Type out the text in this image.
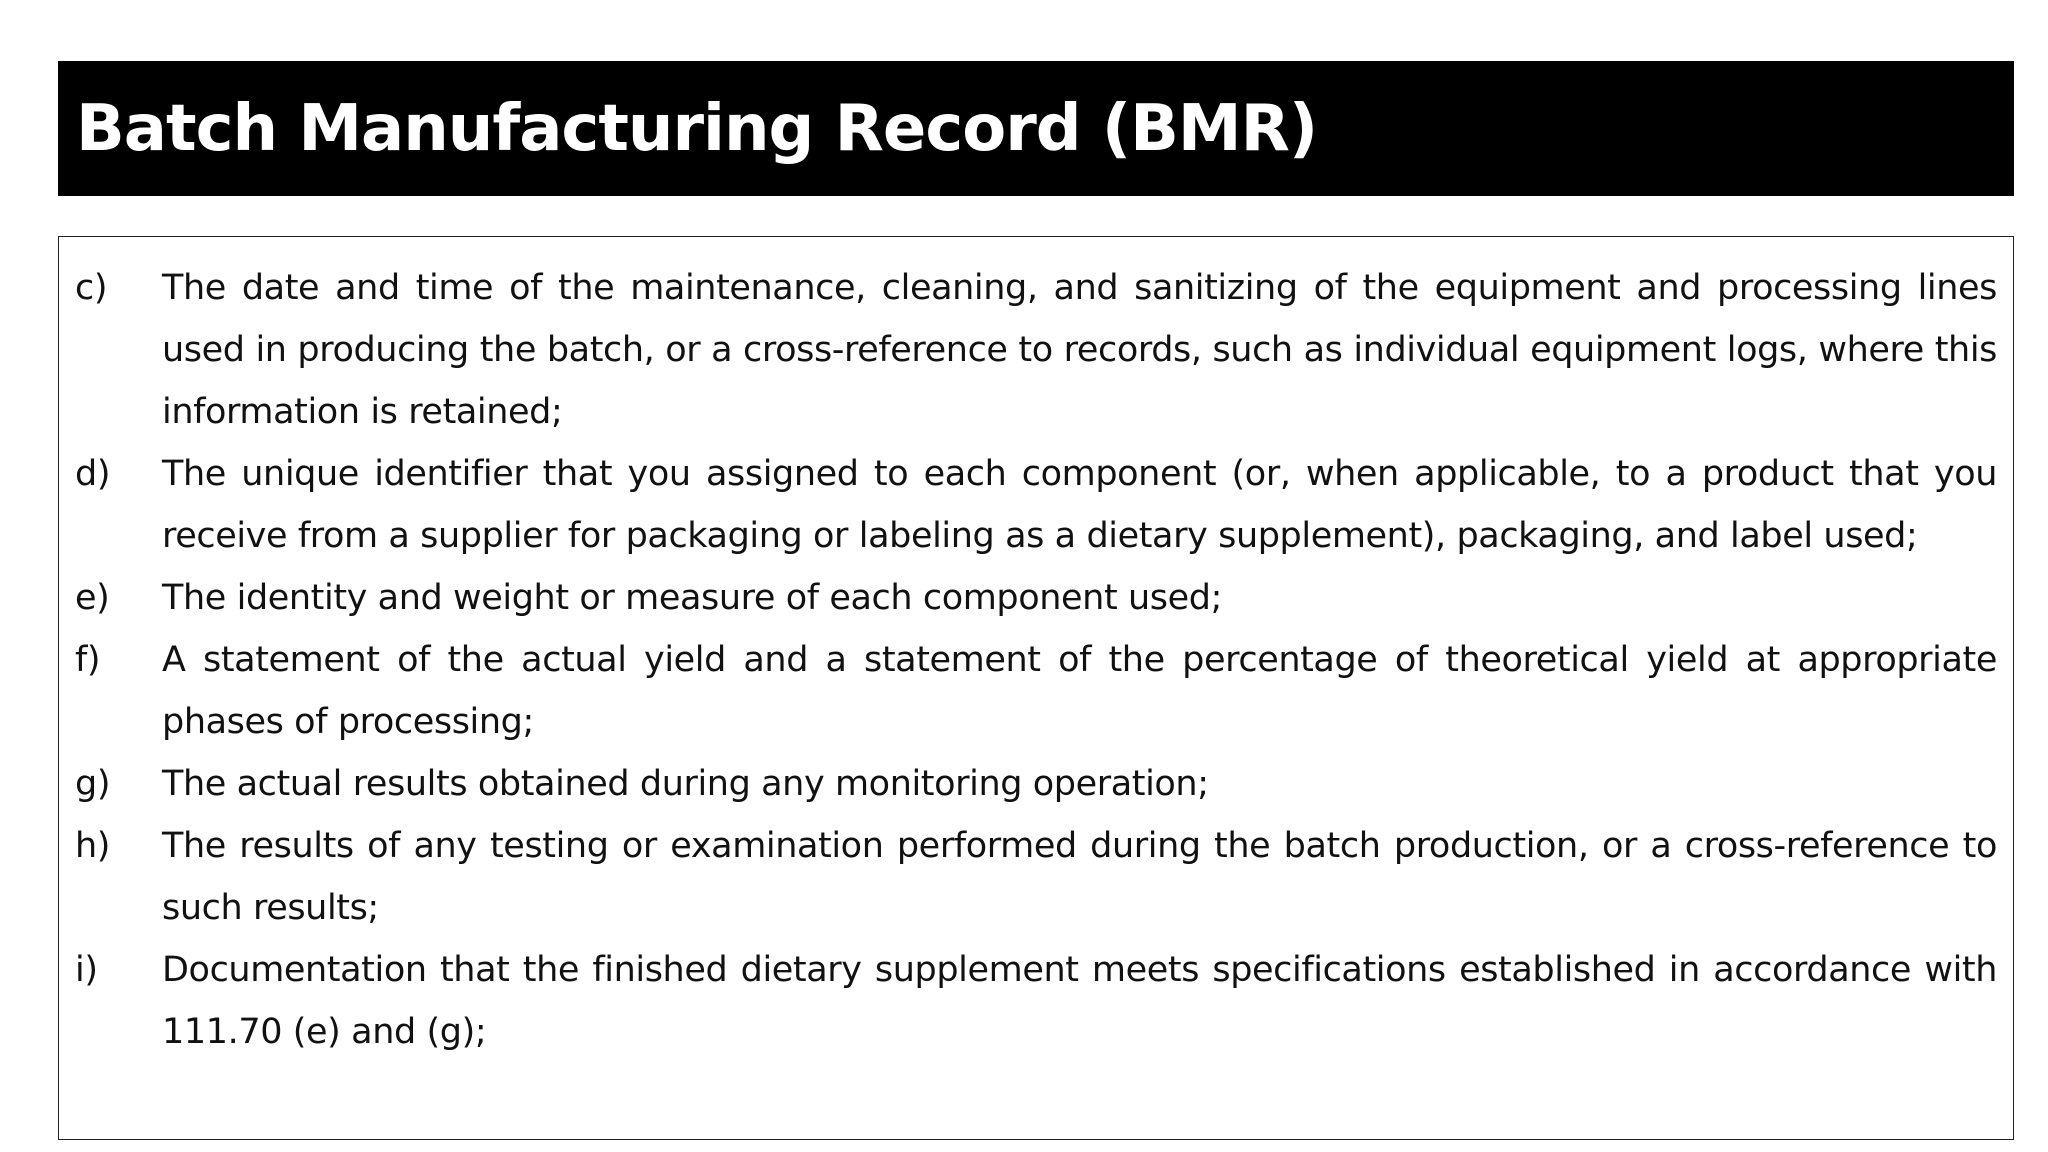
Batch Manufacturing Record (BMR)
c)	The date and time of the maintenance, cleaning, and sanitizing of the equipment and processing lines used in producing the batch, or a cross-reference to records, such as individual equipment logs, where this information is retained;
d)	The unique identifier that you assigned to each component (or, when applicable, to a product that you receive from a supplier for packaging or labeling as a dietary supplement), packaging, and label used;
e)	The identity and weight or measure of each component used;
f)	A statement of the actual yield and a statement of the percentage of theoretical yield at appropriate phases of processing;
g)	The actual results obtained during any monitoring operation;
h)	The results of any testing or examination performed during the batch production, or a cross-reference to such results;
i)	Documentation that the finished dietary supplement meets specifications established in accordance with 111.70 (e) and (g);
